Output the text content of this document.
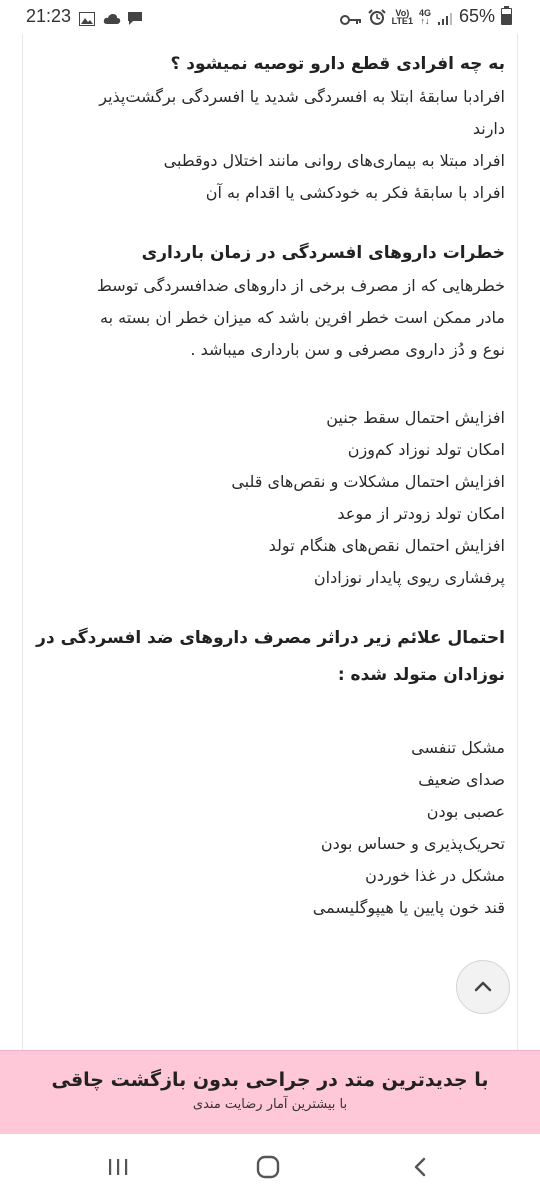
21:23	Vo)
LTE1
4G
↑↓ 65%
به چه افرادی قطع دارو توصیه نمیشود ؟
افرادبا سابقهٔ ابتلا به افسردگی شدید یا افسردگی برگشت‌پذیر
دارند
افراد مبتلا به بیماری‌های روانی مانند اختلال دوقطبی
افراد با سابقهٔ فکر به خودکشی یا اقدام به آن
خطرات داروهای افسردگی در زمان بارداری
خطرهایی که از مصرف برخی از داروهای ضدافسردگی توسط
مادر ممکن است خطر افرین باشد که میزان خطر ان بسته به
نوع و دُز داروی مصرفی و سن بارداری میباشد .
افزایش احتمال سقط جنین
امکان تولد نوزاد کم‌وزن
افزایش احتمال مشکلات و نقص‌های قلبی
امکان تولد زودتر از موعد
افزایش احتمال نقص‌های هنگام تولد
پرفشاری ریوی پایدار نوزادان
احتمال علائم زیر دراثر مصرف داروهای ضد افسردگی در
نوزادان متولد شده :
مشکل تنفسی
صدای ضعیف
عصبی بودن
تحریک‌پذیری و حساس بودن
مشکل در غذا خوردن
قند خون پایین یا هیپوگلیسمی
با جدیدترین متد در جراحی بدون بازگشت چاقی
با بیشترین آمار رضایت مندی
